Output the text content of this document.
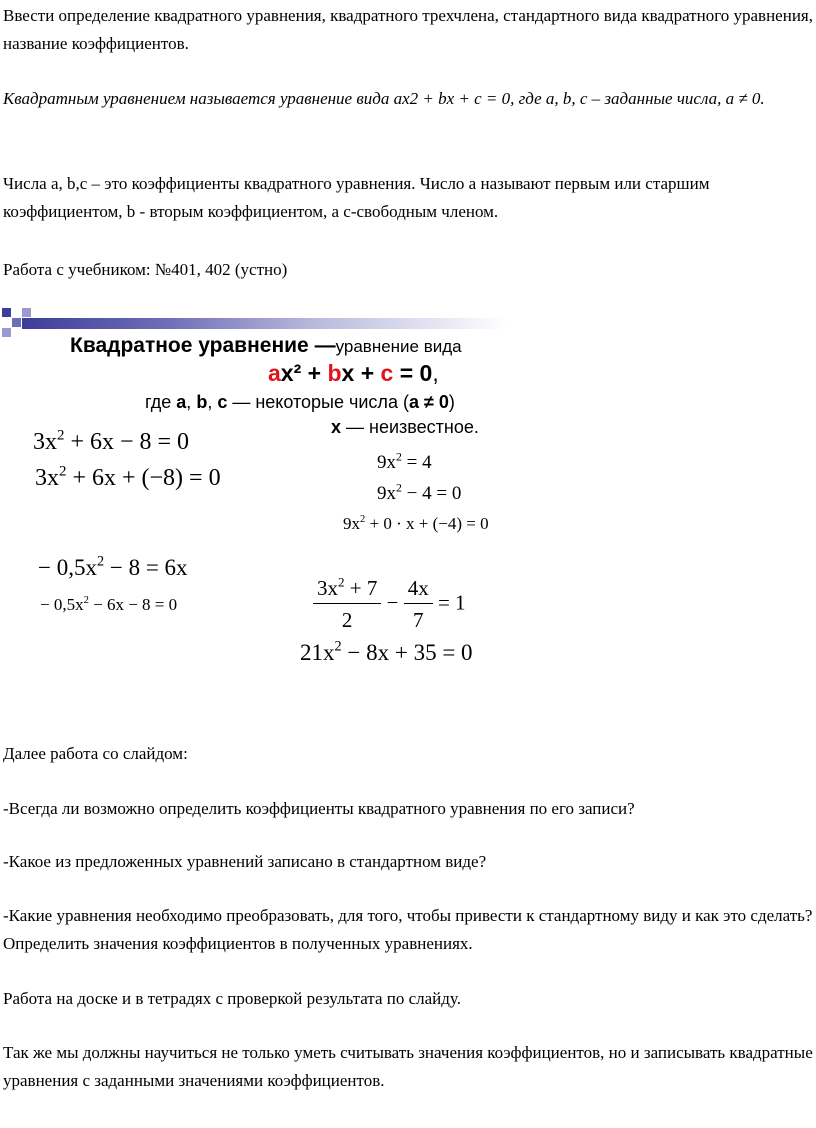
Ввести определение квадратного уравнения, квадратного трехчлена, стандартного вида квадратного уравнения, название коэффициентов.

Квадратным уравнением называется уравнение вида ax2 + bx + c = 0, где a, b, c – заданные числа, a ≠ 0.

Числа a, b,c – это коэффициенты квадратного уравнения. Число a называют первым или старшим коэффициентом, b - вторым коэффициентом, а c-свободным членом.

Работа с учебником: №401, 402 (устно)

Квадратное уравнение —уравнение вида
ax² + bx + c = 0,
где a, b, c — некоторые числа (a ≠ 0)
x — неизвестное.
$3x^2 + 6x - 8 = 0$
$3x^2 + 6x + (-8) = 0$
$9x^2 = 4$
$9x^2 - 4 = 0$
$9x^2 + 0 \cdot x + (-4) = 0$
− $0,5x^2 - 8 = 6x$
− $0,5x^2 - 6x - 8 = 0$	$\frac{3x^2 + 7}{2} - \frac{4x}{7} = 1$
$21x^2 - 8x + 35 = 0$

Далее работа со слайдом:

-Всегда ли возможно определить коэффициенты квадратного уравнения по его записи?

-Какое из предложенных уравнений записано в стандартном виде?

-Какие уравнения необходимо преобразовать, для того, чтобы привести к стандартному виду и как это сделать? Определить значения коэффициентов в полученных уравнениях.

Работа на доске и в тетрадях с проверкой результата по слайду.

Так же мы должны научиться не только уметь считывать значения коэффициентов, но и записывать квадратные уравнения с заданными значениями коэффициентов.
